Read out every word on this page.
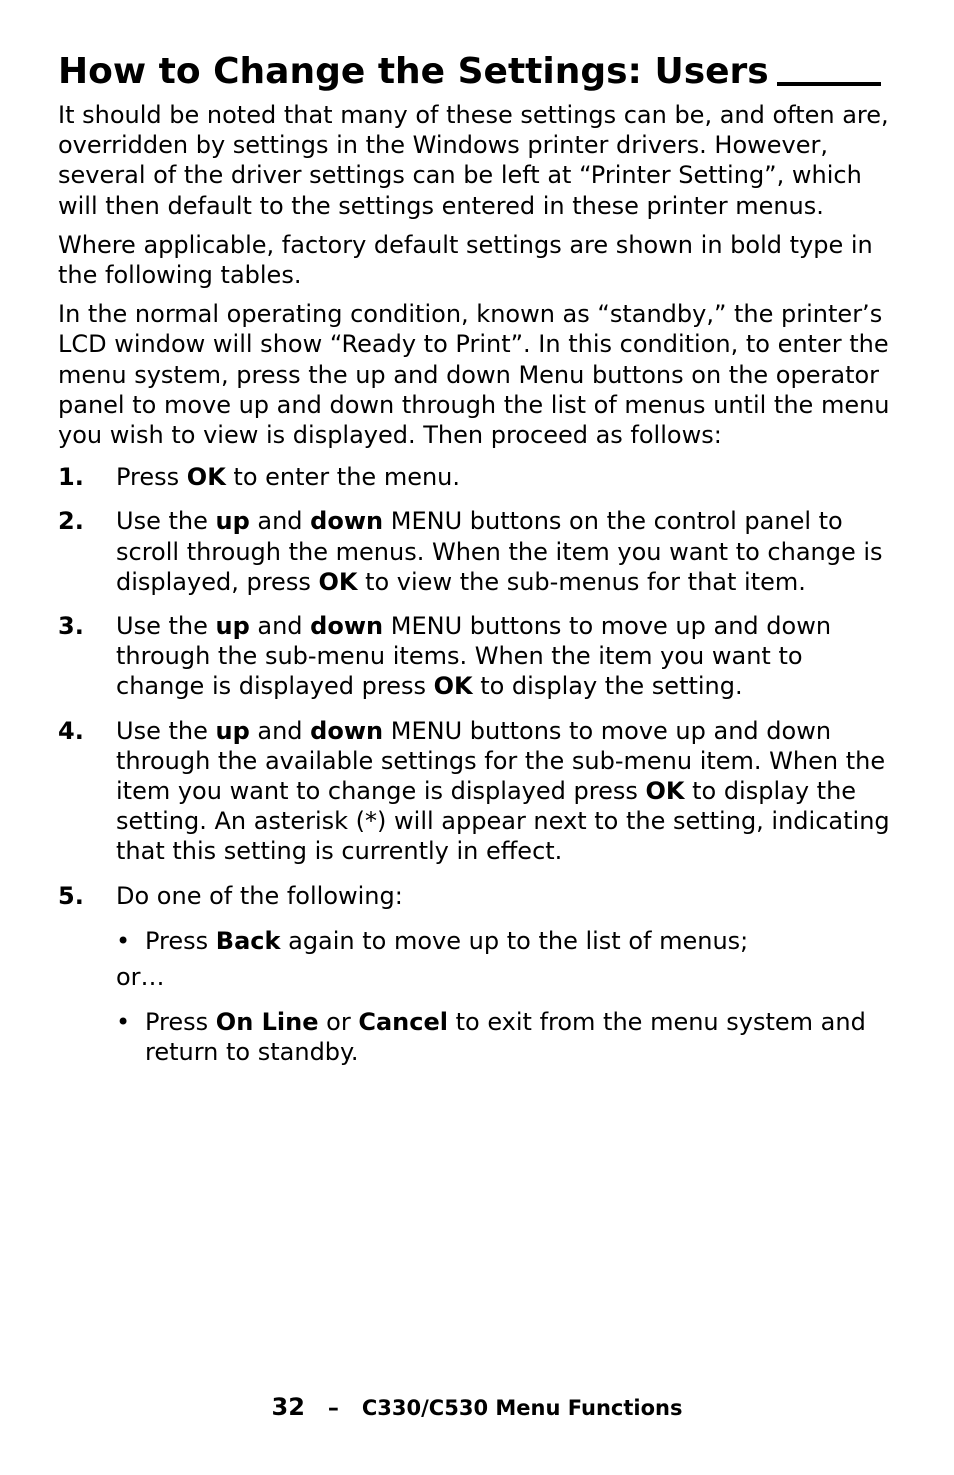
How to Change the Settings: Users

It should be noted that many of these settings can be, and often are, overridden by settings in the Windows printer drivers. However, several of the driver settings can be left at “Printer Setting”, which will then default to the settings entered in these printer menus.

Where applicable, factory default settings are shown in bold type in the following tables.

In the normal operating condition, known as “standby,” the printer’s LCD window will show “Ready to Print”. In this condition, to enter the menu system, press the up and down Menu buttons on the operator panel to move up and down through the list of menus until the menu you wish to view is displayed. Then proceed as follows:

1.	Press OK to enter the menu.
2.	Use the up and down MENU buttons on the control panel to scroll through the menus. When the item you want to change is displayed, press OK to view the sub-menus for that item.
3.	Use the up and down MENU buttons to move up and down through the sub-menu items. When the item you want to change is displayed press OK to display the setting.
4.	Use the up and down MENU buttons to move up and down through the available settings for the sub-menu item. When the item you want to change is displayed press OK to display the setting. An asterisk (*) will appear next to the setting, indicating that this setting is currently in effect.
5.	Do one of the following:
• Press Back again to move up to the list of menus;
or…
• Press On Line or Cancel to exit from the menu system and return to standby.
32 – C330/C530 Menu Functions
